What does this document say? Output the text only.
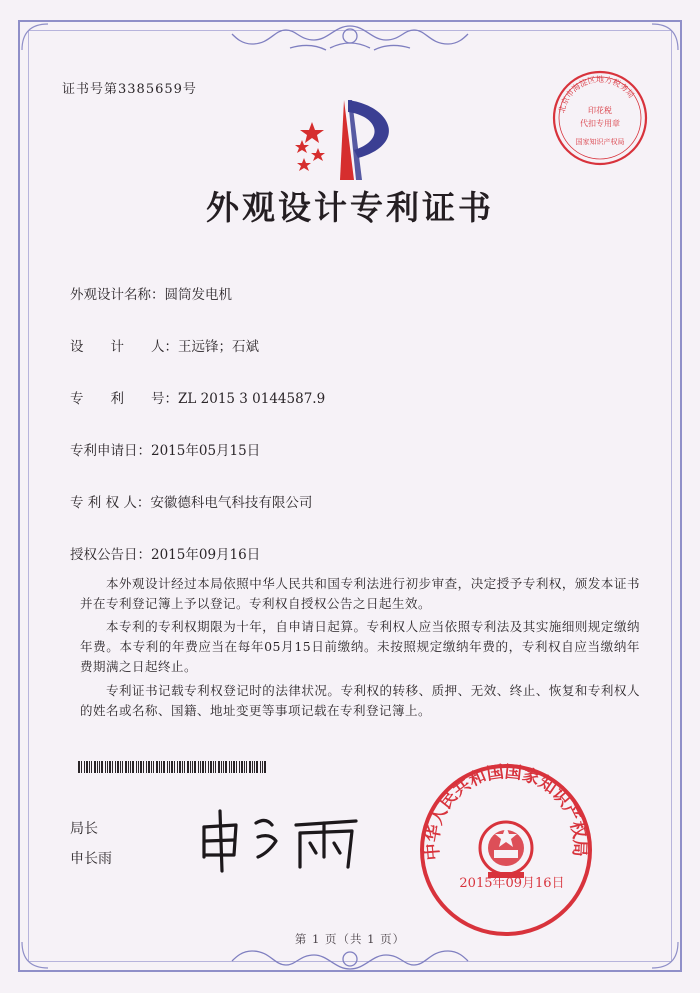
证书号第3385659号
北京市海淀区地方税务局
印花税
代扣专用章
国家知识产权局
外观设计专利证书
外观设计名称：圆筒发电机
设　　计　　人：王远锋；石斌
专　　利　　号：ZL 2015 3 0144587.9
专利申请日：2015年05月15日
专 利 权 人：安徽德科电气科技有限公司
授权公告日：2015年09月16日

本外观设计经过本局依照中华人民共和国专利法进行初步审查，决定授予专利权，颁发本证书并在专利登记簿上予以登记。专利权自授权公告之日起生效。

本专利的专利权期限为十年，自申请日起算。专利权人应当依照专利法及其实施细则规定缴纳年费。本专利的年费应当在每年05月15日前缴纳。未按照规定缴纳年费的，专利权自应当缴纳年费期满之日起终止。

专利证书记载专利权登记时的法律状况。专利权的转移、质押、无效、终止、恢复和专利权人的姓名或名称、国籍、地址变更等事项记载在专利登记簿上。

局长
申长雨	中华人民共和国国家知识产权局
2015年09月16日
第 1 页（共 1 页）
